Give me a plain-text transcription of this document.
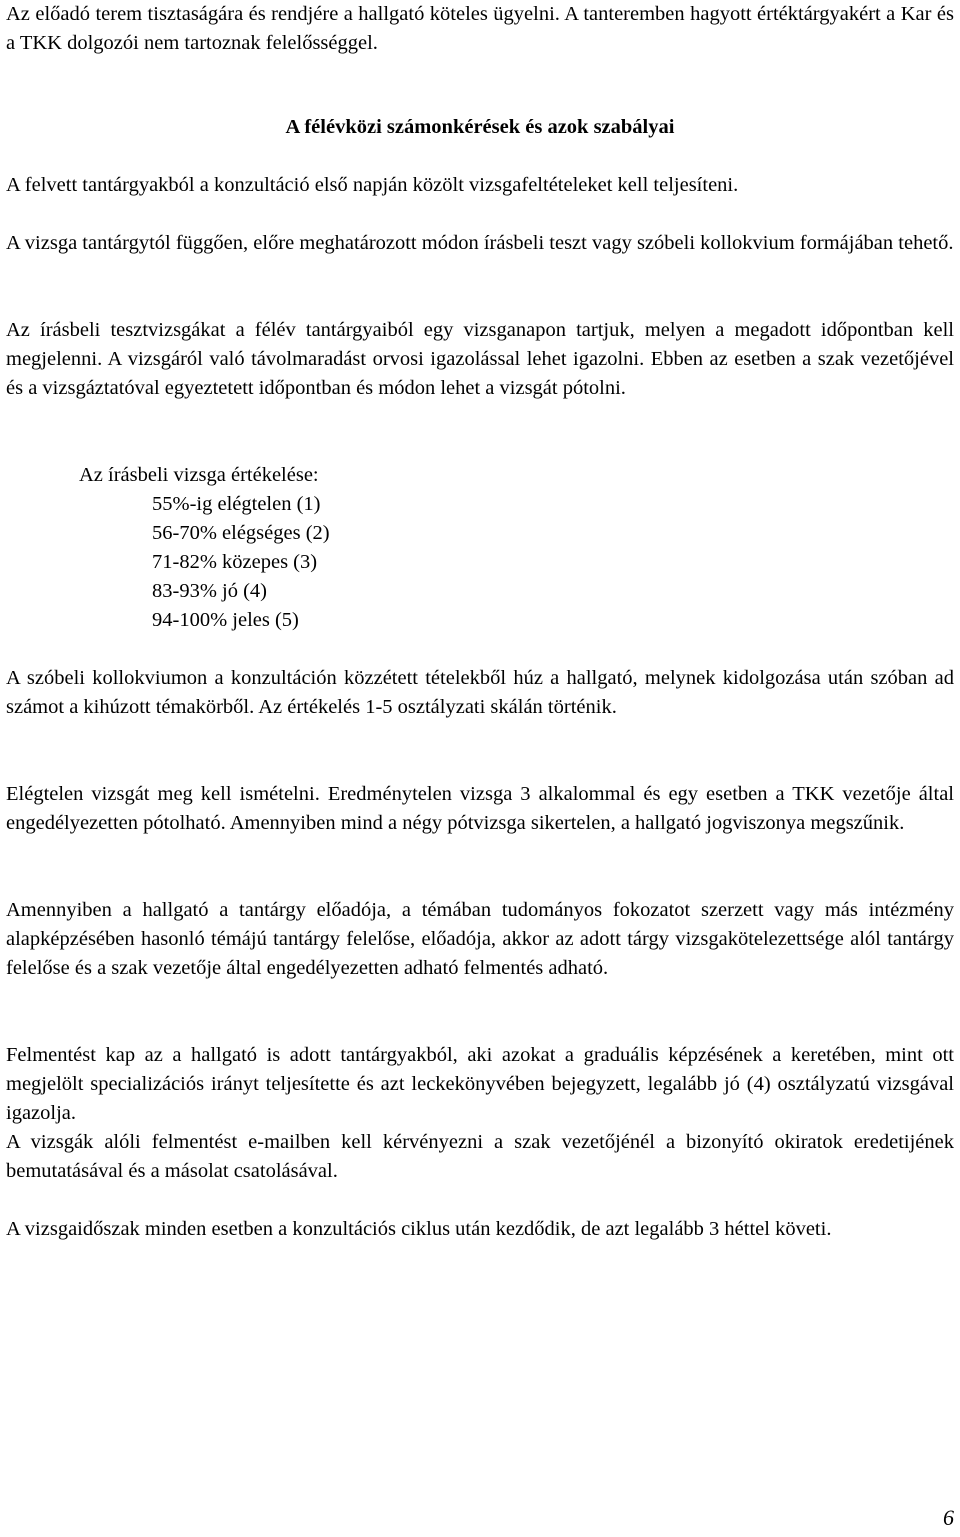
Az előadó terem tisztaságára és rendjére a hallgató köteles ügyelni. A tanteremben hagyott értéktárgyakért a Kar és a TKK dolgozói nem tartoznak felelősséggel.

A félévközi számonkérések és azok szabályai

A felvett tantárgyakból a konzultáció első napján közölt vizsgafeltételeket kell teljesíteni.

A vizsga tantárgytól függően, előre meghatározott módon írásbeli teszt vagy szóbeli kollokvium formájában tehető.

Az írásbeli tesztvizsgákat a félév tantárgyaiból egy vizsganapon tartjuk, melyen a megadott időpontban kell megjelenni. A vizsgáról való távolmaradást orvosi igazolással lehet igazolni. Ebben az esetben a szak vezetőjével és a vizsgáztatóval egyeztetett időpontban és módon lehet a vizsgát pótolni.

Az írásbeli vizsga értékelése:

55%-ig elégtelen (1)
56-70% elégséges (2)
71-82% közepes (3)
83-93% jó (4)
94-100% jeles (5)

A szóbeli kollokviumon a konzultáción közzétett tételekből húz a hallgató, melynek kidolgozása után szóban ad számot a kihúzott témakörből. Az értékelés 1-5 osztályzati skálán történik.

Elégtelen vizsgát meg kell ismételni. Eredménytelen vizsga 3 alkalommal és egy esetben a TKK vezetője által engedélyezetten pótolható. Amennyiben mind a négy pótvizsga sikertelen, a hallgató jogviszonya megszűnik.

Amennyiben a hallgató a tantárgy előadója, a témában tudományos fokozatot szerzett vagy más intézmény alapképzésében hasonló témájú tantárgy felelőse, előadója, akkor az adott tárgy vizsgakötelezettsége alól tantárgy felelőse és a szak vezetője által engedélyezetten adható felmentés adható.

Felmentést kap az a hallgató is adott tantárgyakból, aki azokat a graduális képzésének a keretében, mint ott megjelölt specializációs irányt teljesítette és azt leckekönyvében bejegyzett, legalább jó (4) osztályzatú vizsgával igazolja.

A vizsgák alóli felmentést e-mailben kell kérvényezni a szak vezetőjénél a bizonyító okiratok eredetijének bemutatásával és a másolat csatolásával.

A vizsgaidőszak minden esetben a konzultációs ciklus után kezdődik, de azt legalább 3 héttel követi.

6
